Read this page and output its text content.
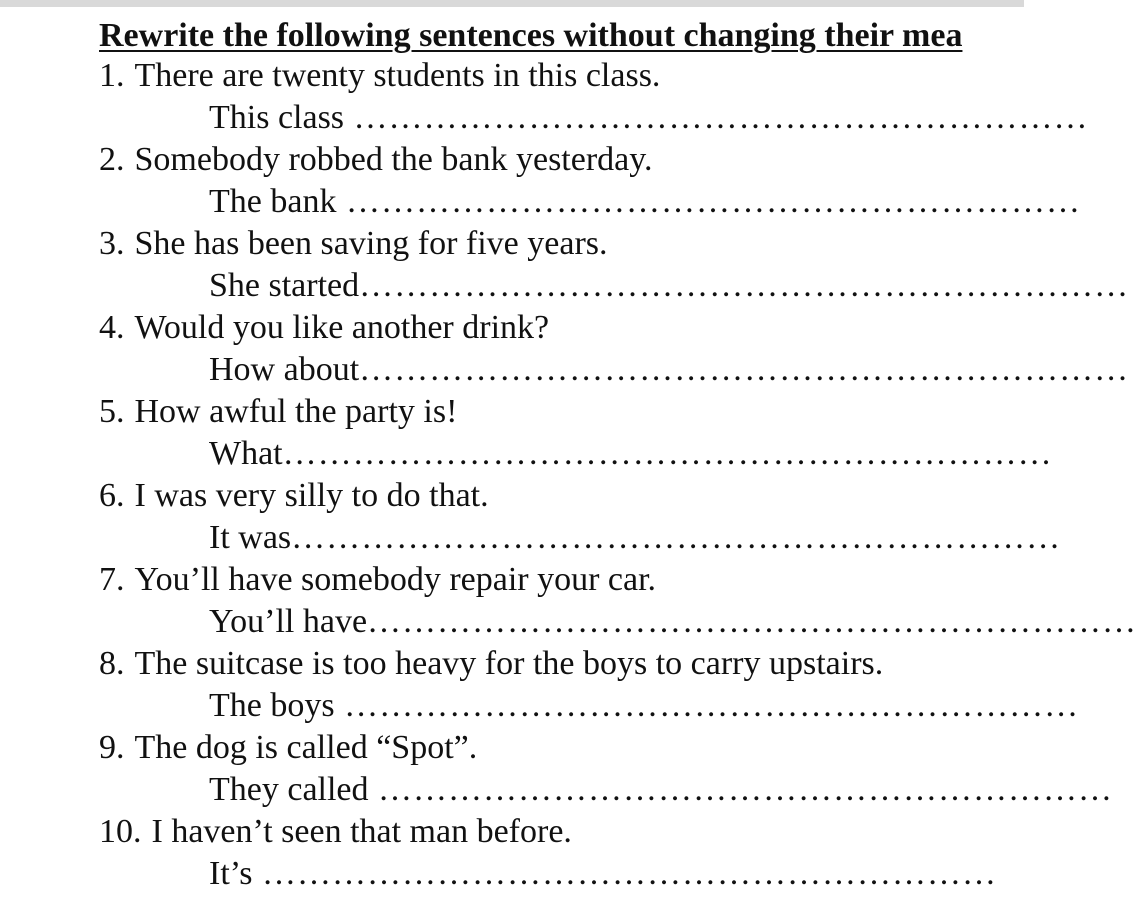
Rewrite the following sentences without changing their mea
1. There are twenty students in this class.
This class ………………………………………………………
2. Somebody robbed the bank yesterday.
The bank ………………………………………………………
3. She has been saving for five years.
She started…………………………………………………………
4. Would you like another drink?
How about…………………………………………………………
5. How awful the party is!
What…………………………………………………………
6. I was very silly to do that.
It was…………………………………………………………
7. You’ll have somebody repair your car.
You’ll have…………………………………………………………
8. The suitcase is too heavy for the boys to carry upstairs.
The boys ………………………………………………………
9. The dog is called “Spot”.
They called ………………………………………………………
10. I haven’t seen that man before.
It’s ………………………………………………………
